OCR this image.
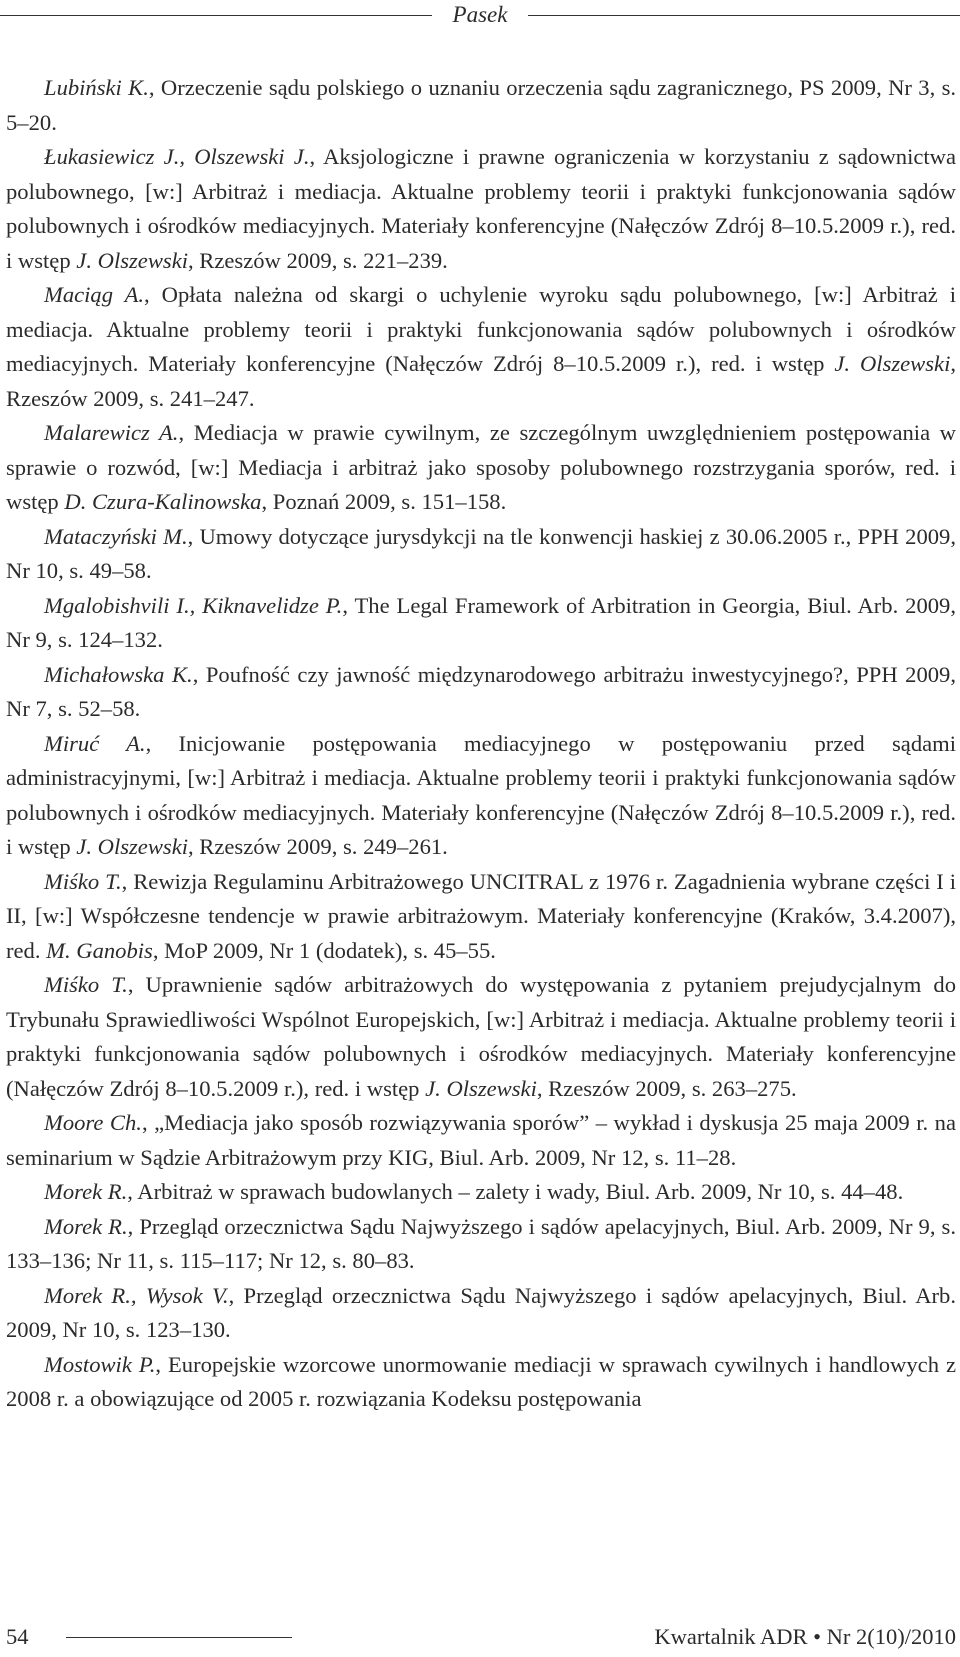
Pasek

Lubiński K., Orzeczenie sądu polskiego o uznaniu orzeczenia sądu zagranicznego, PS 2009, Nr 3, s. 5–20.

Łukasiewicz J., Olszewski J., Aksjologiczne i prawne ograniczenia w korzystaniu z sądownictwa polubownego, [w:] Arbitraż i mediacja. Aktualne problemy teorii i praktyki funkcjonowania sądów polubownych i ośrodków mediacyjnych. Materiały konferencyjne (Nałęczów Zdrój 8–10.5.2009 r.), red. i wstęp J. Olszewski, Rzeszów 2009, s. 221–239.

Maciąg A., Opłata należna od skargi o uchylenie wyroku sądu polubownego, [w:] Arbitraż i mediacja. Aktualne problemy teorii i praktyki funkcjonowania sądów polubownych i ośrodków mediacyjnych. Materiały konferencyjne (Nałęczów Zdrój 8–10.5.2009 r.), red. i wstęp J. Olszewski, Rzeszów 2009, s. 241–247.

Malarewicz A., Mediacja w prawie cywilnym, ze szczególnym uwzględnieniem postępowania w sprawie o rozwód, [w:] Mediacja i arbitraż jako sposoby polubownego rozstrzygania sporów, red. i wstęp D. Czura-Kalinowska, Poznań 2009, s. 151–158.

Mataczyński M., Umowy dotyczące jurysdykcji na tle konwencji haskiej z 30.06.2005 r., PPH 2009, Nr 10, s. 49–58.

Mgalobishvili I., Kiknavelidze P., The Legal Framework of Arbitration in Georgia, Biul. Arb. 2009, Nr 9, s. 124–132.

Michałowska K., Poufność czy jawność międzynarodowego arbitrażu inwestycyjnego?, PPH 2009, Nr 7, s. 52–58.

Miruć A., Inicjowanie postępowania mediacyjnego w postępowaniu przed sądami administracyjnymi, [w:] Arbitraż i mediacja. Aktualne problemy teorii i praktyki funkcjonowania sądów polubownych i ośrodków mediacyjnych. Materiały konferencyjne (Nałęczów Zdrój 8–10.5.2009 r.), red. i wstęp J. Olszewski, Rzeszów 2009, s. 249–261.

Miśko T., Rewizja Regulaminu Arbitrażowego UNCITRAL z 1976 r. Zagadnienia wybrane części I i II, [w:] Współczesne tendencje w prawie arbitrażowym. Materiały konferencyjne (Kraków, 3.4.2007), red. M. Ganobis, MoP 2009, Nr 1 (dodatek), s. 45–55.

Miśko T., Uprawnienie sądów arbitrażowych do występowania z pytaniem prejudycjalnym do Trybunału Sprawiedliwości Wspólnot Europejskich, [w:] Arbitraż i mediacja. Aktualne problemy teorii i praktyki funkcjonowania sądów polubownych i ośrodków mediacyjnych. Materiały konferencyjne (Nałęczów Zdrój 8–10.5.2009 r.), red. i wstęp J. Olszewski, Rzeszów 2009, s. 263–275.

Moore Ch., „Mediacja jako sposób rozwiązywania sporów” – wykład i dyskusja 25 maja 2009 r. na seminarium w Sądzie Arbitrażowym przy KIG, Biul. Arb. 2009, Nr 12, s. 11–28.

Morek R., Arbitraż w sprawach budowlanych – zalety i wady, Biul. Arb. 2009, Nr 10, s. 44–48.

Morek R., Przegląd orzecznictwa Sądu Najwyższego i sądów apelacyjnych, Biul. Arb. 2009, Nr 9, s. 133–136; Nr 11, s. 115–117; Nr 12, s. 80–83.

Morek R., Wysok V., Przegląd orzecznictwa Sądu Najwyższego i sądów apelacyjnych, Biul. Arb. 2009, Nr 10, s. 123–130.

Mostowik P., Europejskie wzorcowe unormowanie mediacji w sprawach cywilnych i handlowych z 2008 r. a obowiązujące od 2005 r. rozwiązania Kodeksu postępowania

54	Kwartalnik ADR • Nr 2(10)/2010
